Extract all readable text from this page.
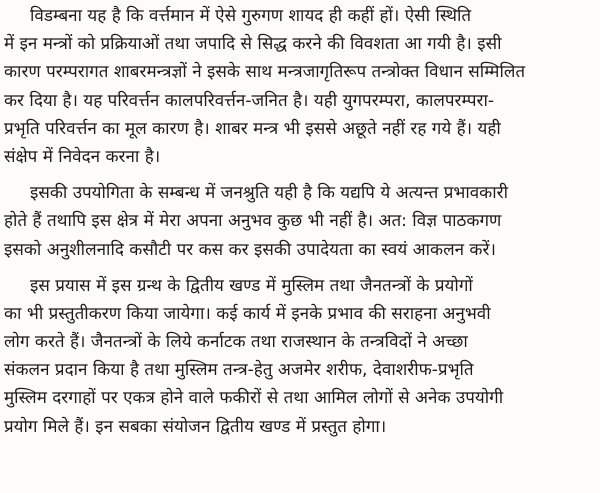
विडम्बना यह है कि वर्त्तमान में ऐसे गुरुगण शायद ही कहीं हों। ऐसी स्थिति
में इन मन्त्रों को प्रक्रियाओं तथा जपादि से सिद्ध करने की विवशता आ गयी है। इसी
कारण परम्परागत शाबरमन्त्रज्ञों ने इसके साथ मन्त्रजागृतिरूप तन्त्रोक्त विधान सम्मिलित
कर दिया है। यह परिवर्त्तन कालपरिवर्त्तन-जनित है। यही युगपरम्परा, कालपरम्परा-
प्रभृति परिवर्त्तन का मूल कारण है। शाबर मन्त्र भी इससे अछूते नहीं रह गये हैं। यही
संक्षेप में निवेदन करना है।

इसकी उपयोगिता के सम्बन्ध में जनश्रुति यही है कि यद्यपि ये अत्यन्त प्रभावकारी
होते हैं तथापि इस क्षेत्र में मेरा अपना अनुभव कुछ भी नहीं है। अत: विज्ञ पाठकगण
इसको अनुशीलनादि कसौटी पर कस कर इसकी उपादेयता का स्वयं आकलन करें।

इस प्रयास में इस ग्रन्थ के द्वितीय खण्ड में मुस्लिम तथा जैनतन्त्रों के प्रयोगों
का भी प्रस्तुतीकरण किया जायेगा। कई कार्य में इनके प्रभाव की सराहना अनुभवी
लोग करते हैं। जैनतन्त्रों के लिये कर्नाटक तथा राजस्थान के तन्त्रविदों ने अच्छा
संकलन प्रदान किया है तथा मुस्लिम तन्त्र-हेतु अजमेर शरीफ, देवाशरीफ-प्रभृति
मुस्लिम दरगाहों पर एकत्र होने वाले फकीरों से तथा आमिल लोगों से अनेक उपयोगी
प्रयोग मिले हैं। इन सबका संयोजन द्वितीय खण्ड में प्रस्तुत होगा।
